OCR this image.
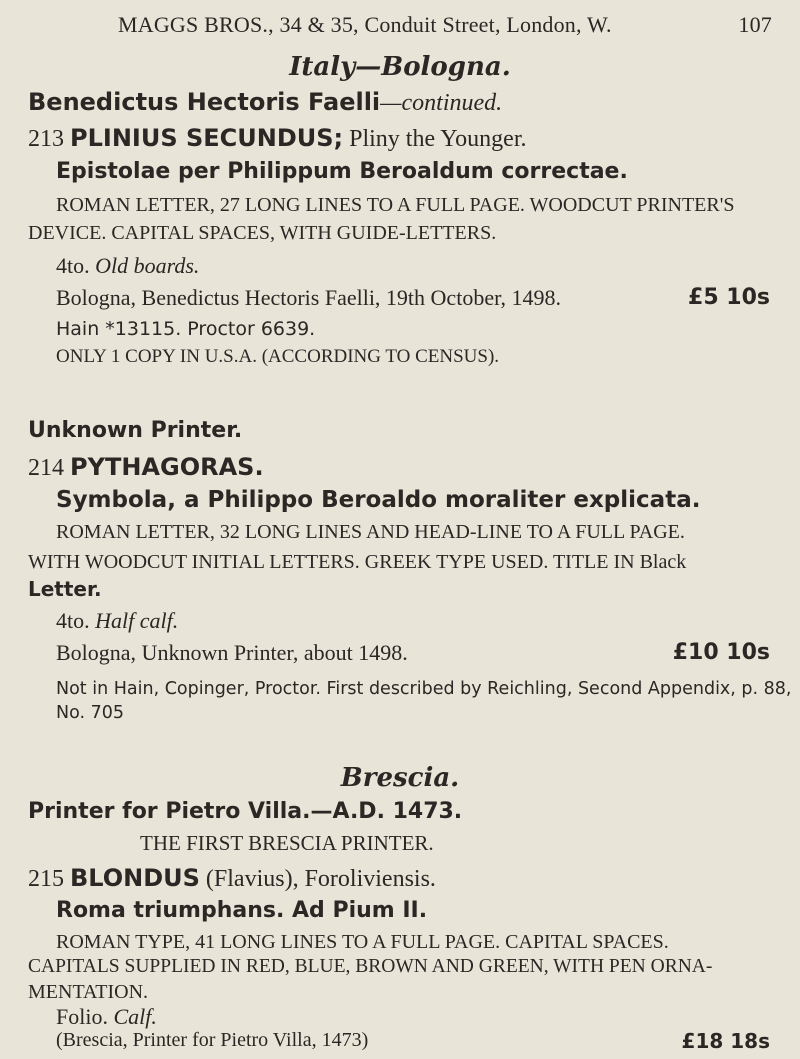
MAGGS BROS., 34 & 35, Conduit Street, London, W.	107
Italy—Bologna.
Benedictus Hectoris Faelli—continued.
213 PLINIUS SECUNDUS; Pliny the Younger.
Epistolae per Philippum Beroaldum correctae.
ROMAN LETTER, 27 LONG LINES TO A FULL PAGE. WOODCUT PRINTER'S
DEVICE. CAPITAL SPACES, WITH GUIDE-LETTERS.
4to. Old boards.
Bologna, Benedictus Hectoris Faelli, 19th October, 1498.	£5 10s
Hain *13115. Proctor 6639.
ONLY 1 COPY IN U.S.A. (ACCORDING TO CENSUS).
Unknown Printer.
214 PYTHAGORAS.
Symbola, a Philippo Beroaldo moraliter explicata.
ROMAN LETTER, 32 LONG LINES AND HEAD-LINE TO A FULL PAGE.
WITH WOODCUT INITIAL LETTERS. GREEK TYPE USED. TITLE IN Black
Letter.
4to. Half calf.
Bologna, Unknown Printer, about 1498.	£10 10s
Not in Hain, Copinger, Proctor. First described by Reichling, Second Appendix, p. 88,
No. 705
Brescia.
Printer for Pietro Villa.—A.D. 1473.
THE FIRST BRESCIA PRINTER.
215 BLONDUS (Flavius), Foroliviensis.
Roma triumphans. Ad Pium II.
ROMAN TYPE, 41 LONG LINES TO A FULL PAGE. CAPITAL SPACES.
CAPITALS SUPPLIED IN RED, BLUE, BROWN AND GREEN, WITH PEN ORNA-
MENTATION.
Folio. Calf.
(Brescia, Printer for Pietro Villa, 1473)	£18 18s
